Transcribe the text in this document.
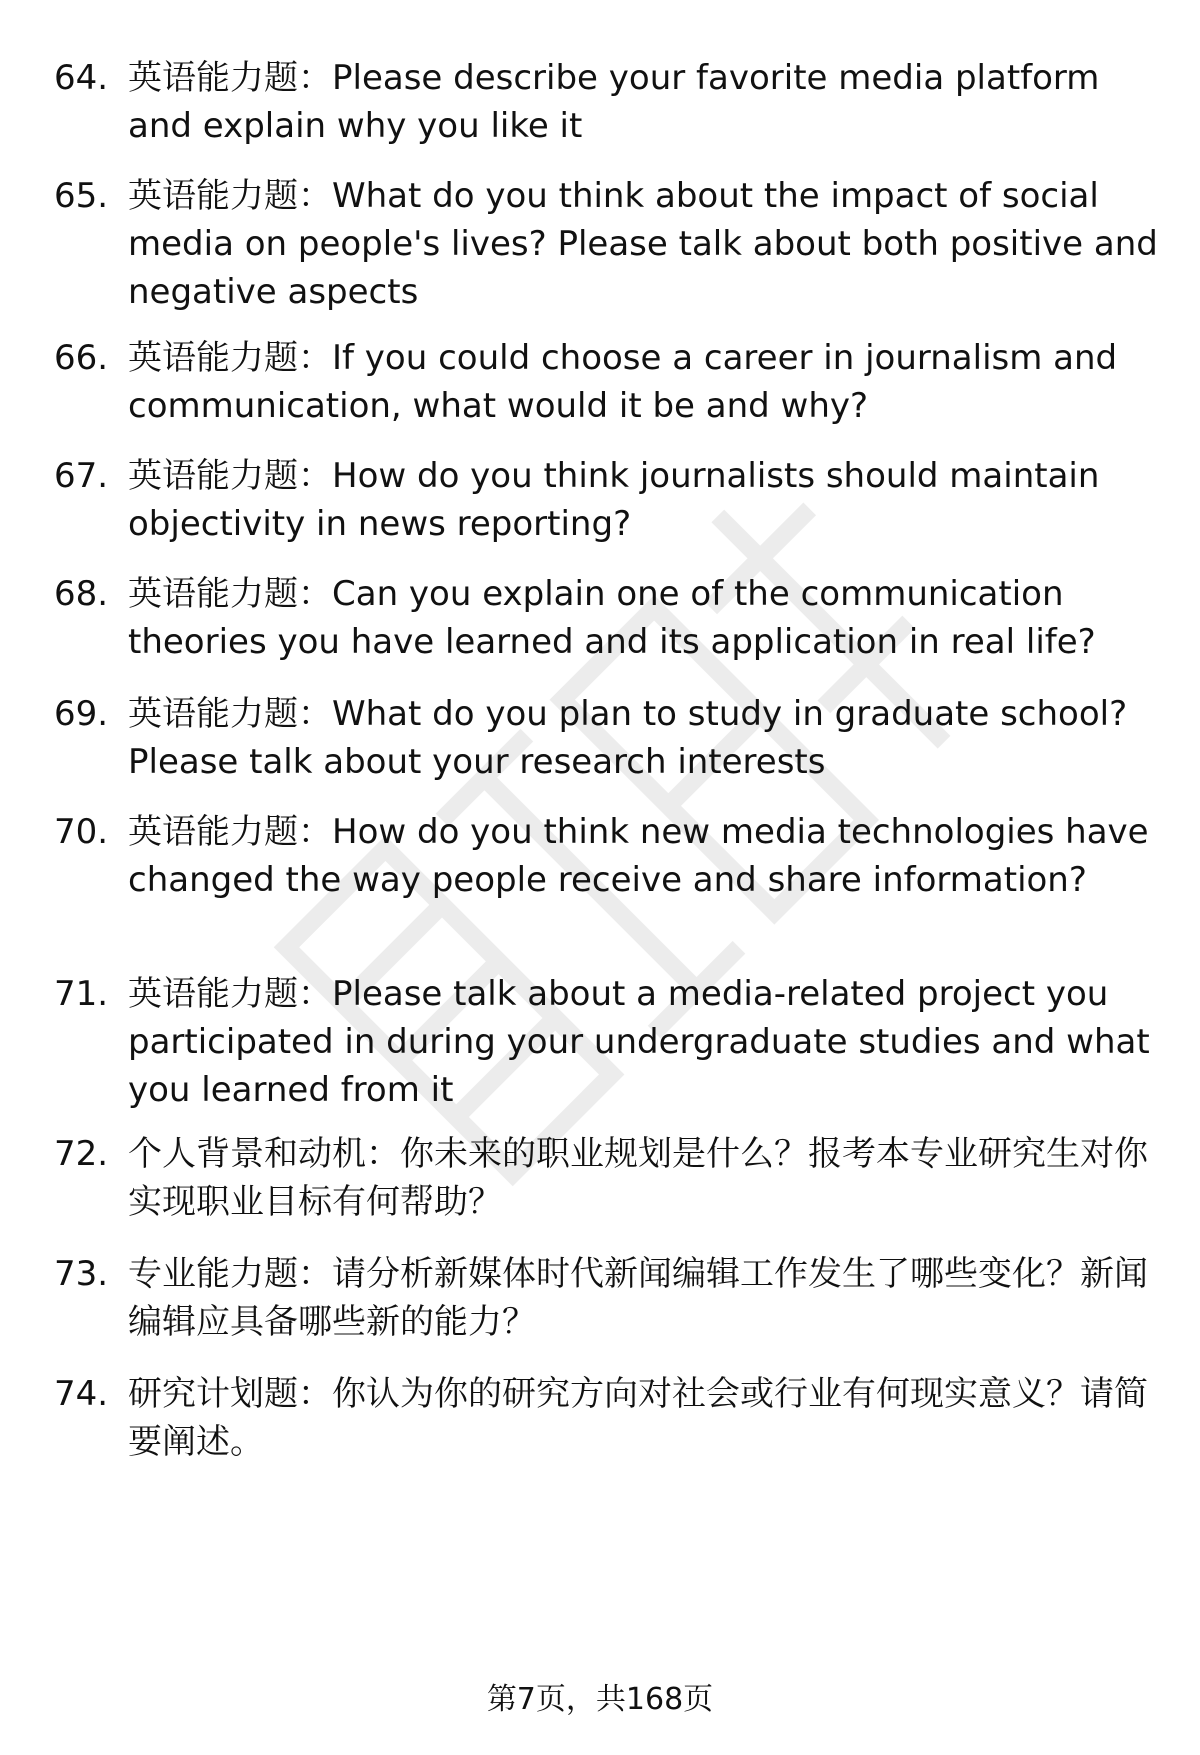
64. 英语能力题：Please describe your favorite media platform and explain why you like it
65. 英语能力题：What do you think about the impact of social media on people's lives? Please talk about both positive and negative aspects
66. 英语能力题：If you could choose a career in journalism and communication, what would it be and why?
67. 英语能力题：How do you think journalists should maintain objectivity in news reporting?
68. 英语能力题：Can you explain one of the communication theories you have learned and its application in real life?
69. 英语能力题：What do you plan to study in graduate school? Please talk about your research interests
70. 英语能力题：How do you think new media technologies have changed the way people receive and share information?
71. 英语能力题：Please talk about a media-related project you participated in during your undergraduate studies and what you learned from it
72. 个人背景和动机：你未来的职业规划是什么？报考本专业研究生对你实现职业目标有何帮助？
73. 专业能力题：请分析新媒体时代新闻编辑工作发生了哪些变化？新闻编辑应具备哪些新的能力？
74. 研究计划题：你认为你的研究方向对社会或行业有何现实意义？请简要阐述。
第7页，共168页
